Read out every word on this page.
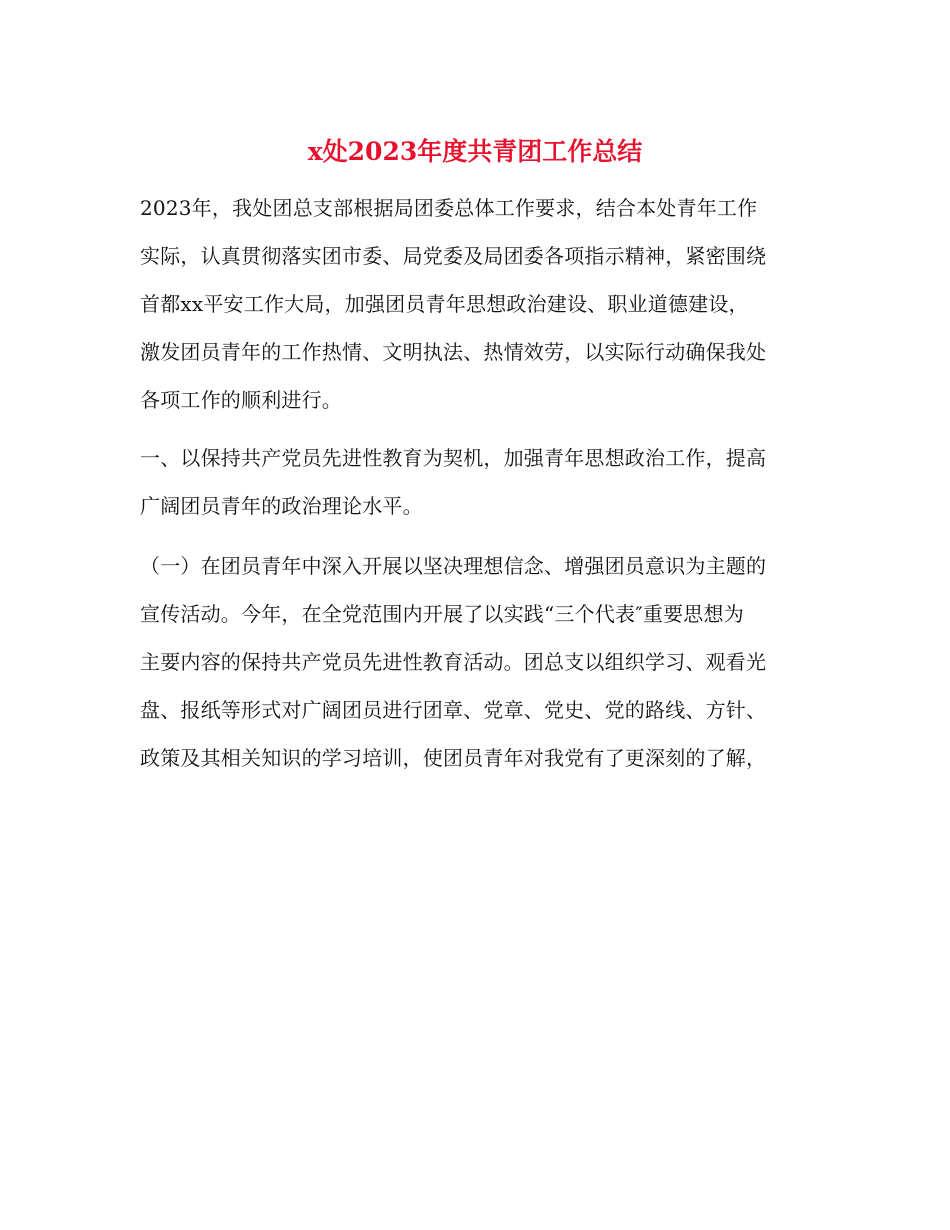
x处2023年度共青团工作总结
2023年，我处团总支部根据局团委总体工作要求，结合本处青年工作
实际，认真贯彻落实团市委、局党委及局团委各项指示精神，紧密围绕
首都xx平安工作大局，加强团员青年思想政治建设、职业道德建设，
激发团员青年的工作热情、文明执法、热情效劳，以实际行动确保我处
各项工作的顺利进行。
一、以保持共产党员先进性教育为契机，加强青年思想政治工作，提高
广阔团员青年的政治理论水平。
（一）在团员青年中深入开展以坚决理想信念、增强团员意识为主题的
宣传活动。今年，在全党范围内开展了以实践“三个代表″重要思想为
主要内容的保持共产党员先进性教育活动。团总支以组织学习、观看光
盘、报纸等形式对广阔团员进行团章、党章、党史、党的路线、方针、
政策及其相关知识的学习培训，使团员青年对我党有了更深刻的了解，
